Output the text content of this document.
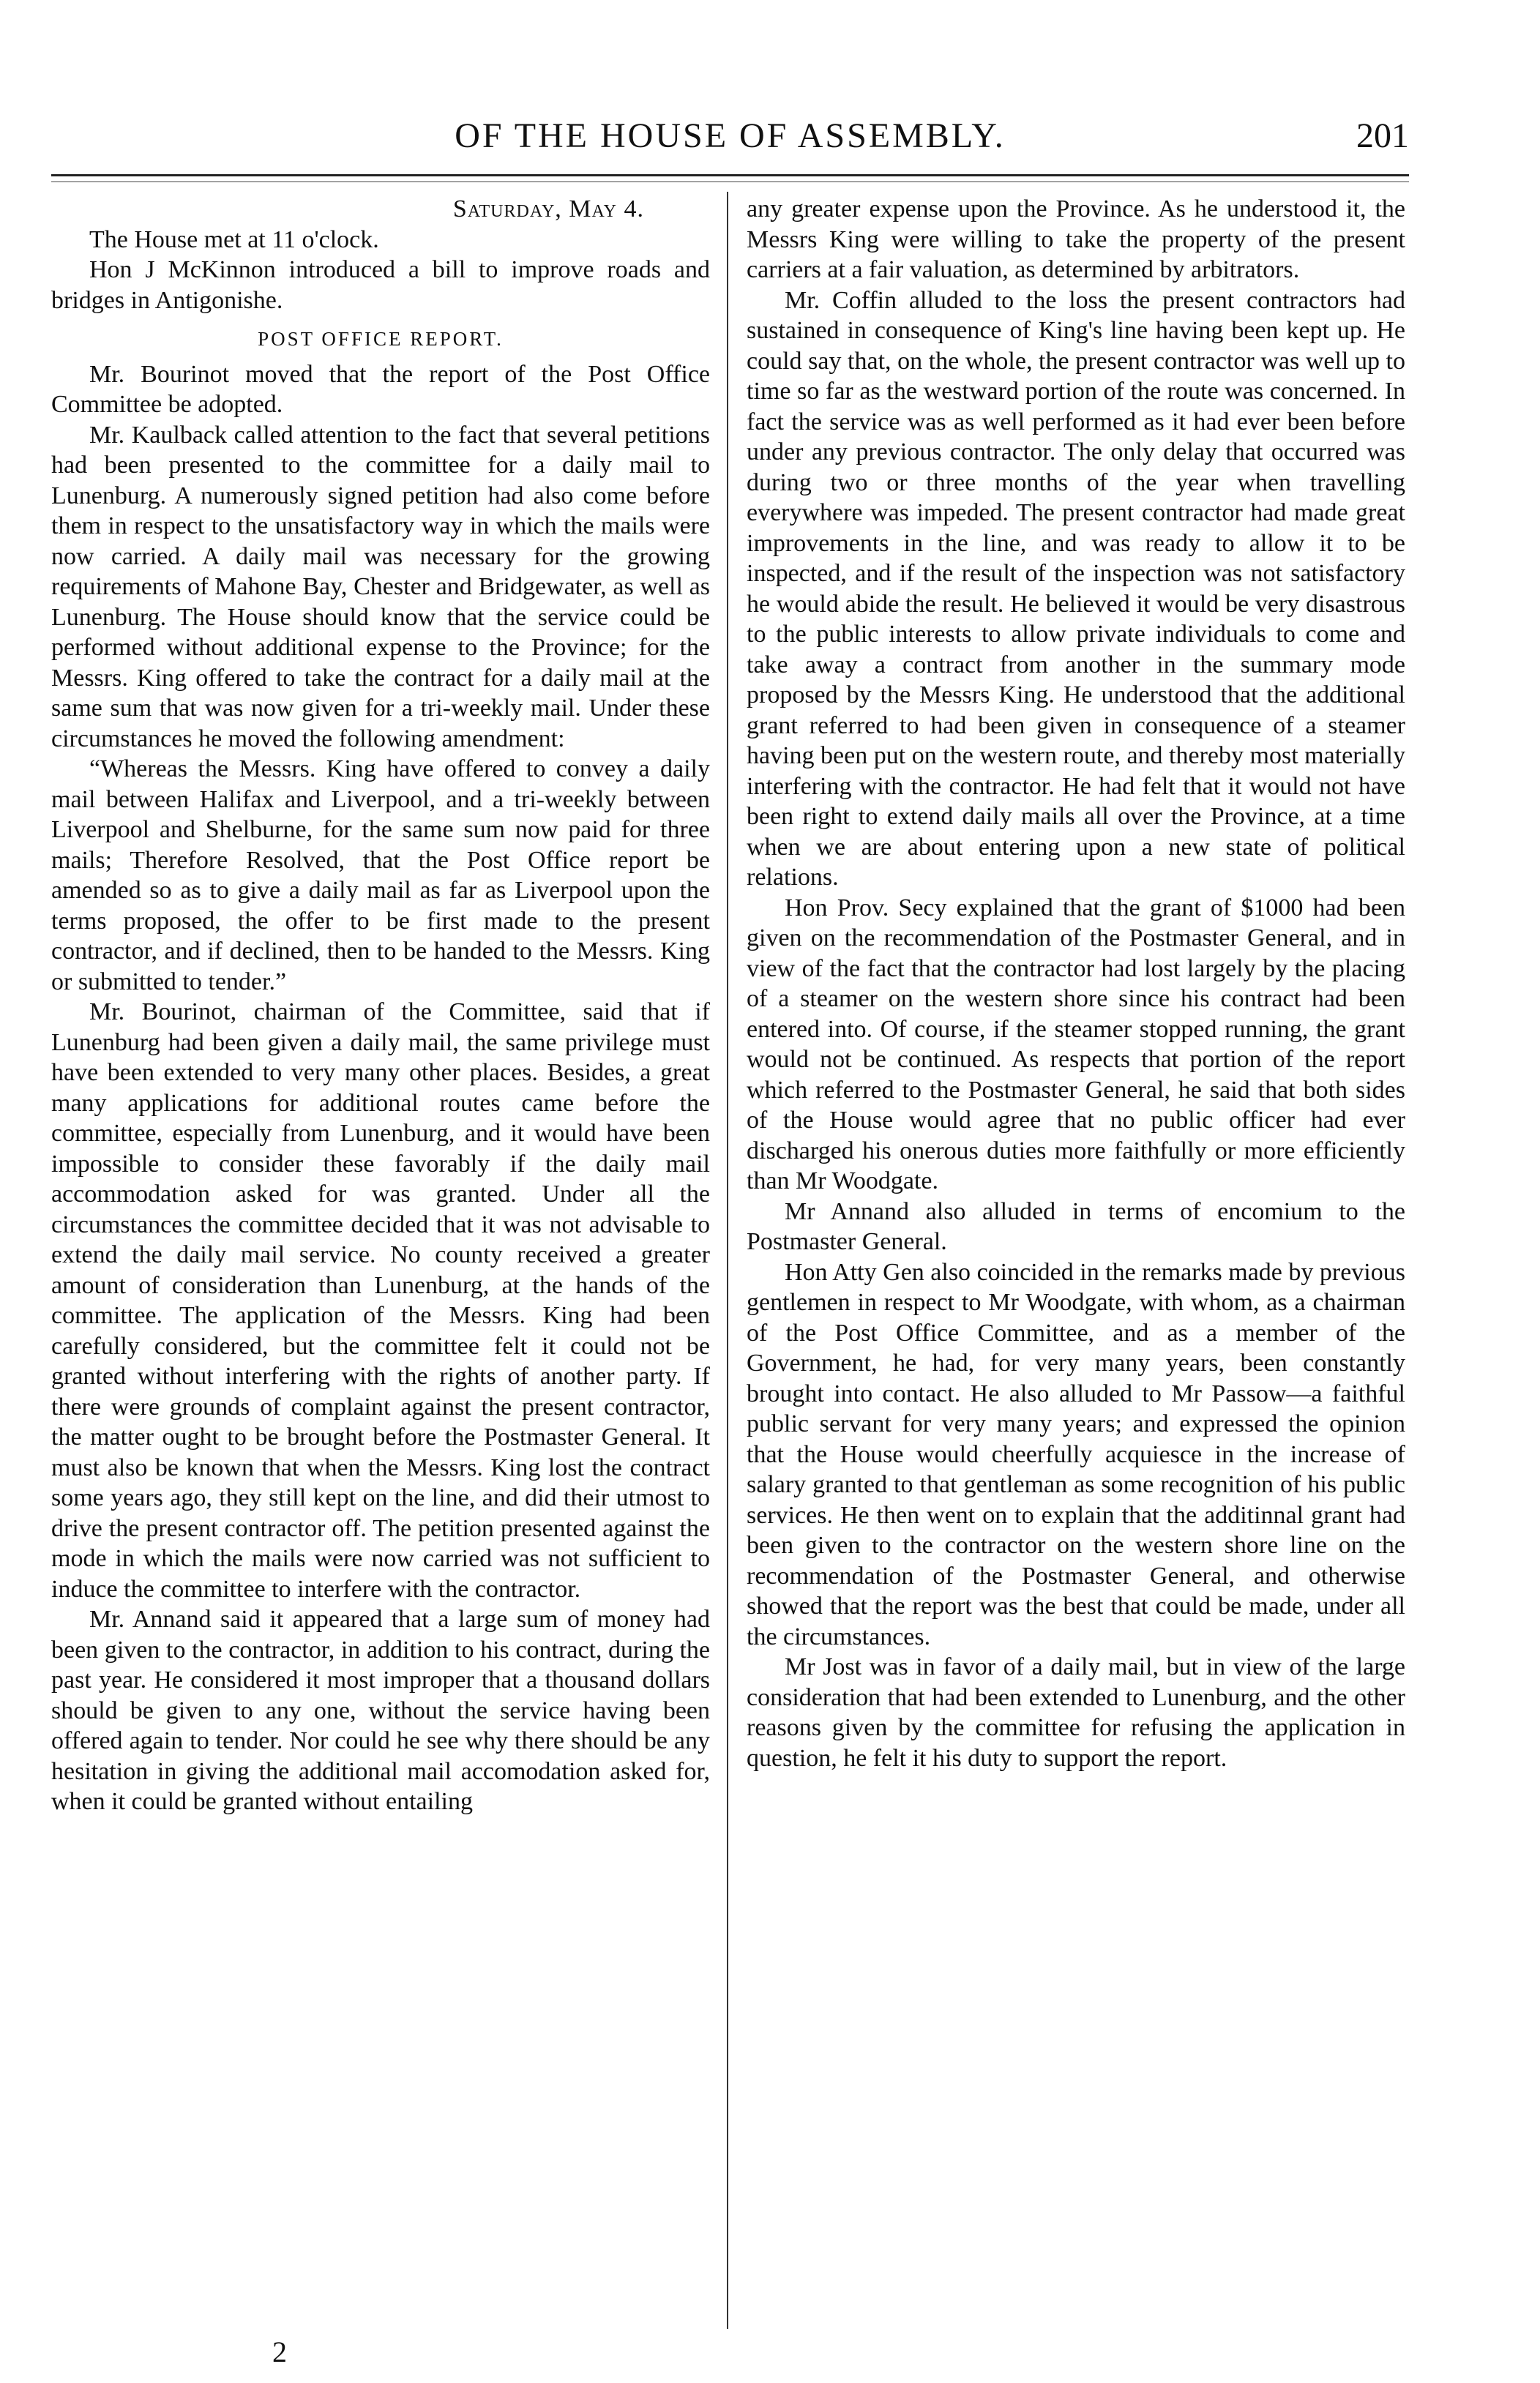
OF THE HOUSE OF ASSEMBLY.	201

Saturday, May 4.

The House met at 11 o'clock.

Hon J McKinnon introduced a bill to improve roads and bridges in Antigonishe.

POST OFFICE REPORT.

Mr. Bourinot moved that the report of the Post Office Committee be adopted.

Mr. Kaulback called attention to the fact that several petitions had been presented to the committee for a daily mail to Lunenburg. A numerously signed petition had also come before them in respect to the unsatisfactory way in which the mails were now carried. A daily mail was necessary for the growing requirements of Mahone Bay, Chester and Bridgewater, as well as Lunenburg. The House should know that the service could be performed without additional expense to the Province; for the Messrs. King offered to take the contract for a daily mail at the same sum that was now given for a tri-weekly mail. Under these circumstances he moved the following amendment:

“Whereas the Messrs. King have offered to convey a daily mail between Halifax and Liverpool, and a tri-weekly between Liverpool and Shelburne, for the same sum now paid for three mails; Therefore Resolved, that the Post Office report be amended so as to give a daily mail as far as Liverpool upon the terms proposed, the offer to be first made to the present contractor, and if declined, then to be handed to the Messrs. King or submitted to tender.”

Mr. Bourinot, chairman of the Committee, said that if Lunenburg had been given a daily mail, the same privilege must have been extended to very many other places. Besides, a great many applications for additional routes came before the committee, especially from Lunenburg, and it would have been impossible to consider these favorably if the daily mail accommodation asked for was granted. Under all the circumstances the committee decided that it was not advisable to extend the daily mail service. No county received a greater amount of consideration than Lunenburg, at the hands of the committee. The application of the Messrs. King had been carefully considered, but the committee felt it could not be granted without interfering with the rights of another party. If there were grounds of complaint against the present contractor, the matter ought to be brought before the Postmaster General. It must also be known that when the Messrs. King lost the contract some years ago, they still kept on the line, and did their utmost to drive the present contractor off. The petition presented against the mode in which the mails were now carried was not sufficient to induce the committee to interfere with the contractor.

Mr. Annand said it appeared that a large sum of money had been given to the contractor, in addition to his contract, during the past year. He considered it most improper that a thousand dollars should be given to any one, without the service having been offered again to tender. Nor could he see why there should be any hesitation in giving the additional mail accomodation asked for, when it could be granted without entailing

any greater expense upon the Province. As he understood it, the Messrs King were willing to take the property of the present carriers at a fair valuation, as determined by arbitrators.

Mr. Coffin alluded to the loss the present contractors had sustained in consequence of King's line having been kept up. He could say that, on the whole, the present contractor was well up to time so far as the westward portion of the route was concerned. In fact the service was as well performed as it had ever been before under any previous contractor. The only delay that occurred was during two or three months of the year when travelling everywhere was impeded. The present contractor had made great improvements in the line, and was ready to allow it to be inspected, and if the result of the inspection was not satisfactory he would abide the result. He believed it would be very disastrous to the public interests to allow private individuals to come and take away a contract from another in the summary mode proposed by the Messrs King. He understood that the additional grant referred to had been given in consequence of a steamer having been put on the western route, and thereby most materially interfering with the contractor. He had felt that it would not have been right to extend daily mails all over the Province, at a time when we are about entering upon a new state of political relations.

Hon Prov. Secy explained that the grant of $1000 had been given on the recommendation of the Postmaster General, and in view of the fact that the contractor had lost largely by the placing of a steamer on the western shore since his contract had been entered into. Of course, if the steamer stopped running, the grant would not be continued. As respects that portion of the report which referred to the Postmaster General, he said that both sides of the House would agree that no public officer had ever discharged his onerous duties more faithfully or more efficiently than Mr Woodgate.

Mr Annand also alluded in terms of encomium to the Postmaster General.

Hon Atty Gen also coincided in the remarks made by previous gentlemen in respect to Mr Woodgate, with whom, as a chairman of the Post Office Committee, and as a member of the Government, he had, for very many years, been constantly brought into contact. He also alluded to Mr Passow—a faithful public servant for very many years; and expressed the opinion that the House would cheerfully acquiesce in the increase of salary granted to that gentleman as some recognition of his public services. He then went on to explain that the additinnal grant had been given to the contractor on the western shore line on the recommendation of the Postmaster General, and otherwise showed that the report was the best that could be made, under all the circumstances.

Mr Jost was in favor of a daily mail, but in view of the large consideration that had been extended to Lunenburg, and the other reasons given by the committee for refusing the application in question, he felt it his duty to support the report.

2
